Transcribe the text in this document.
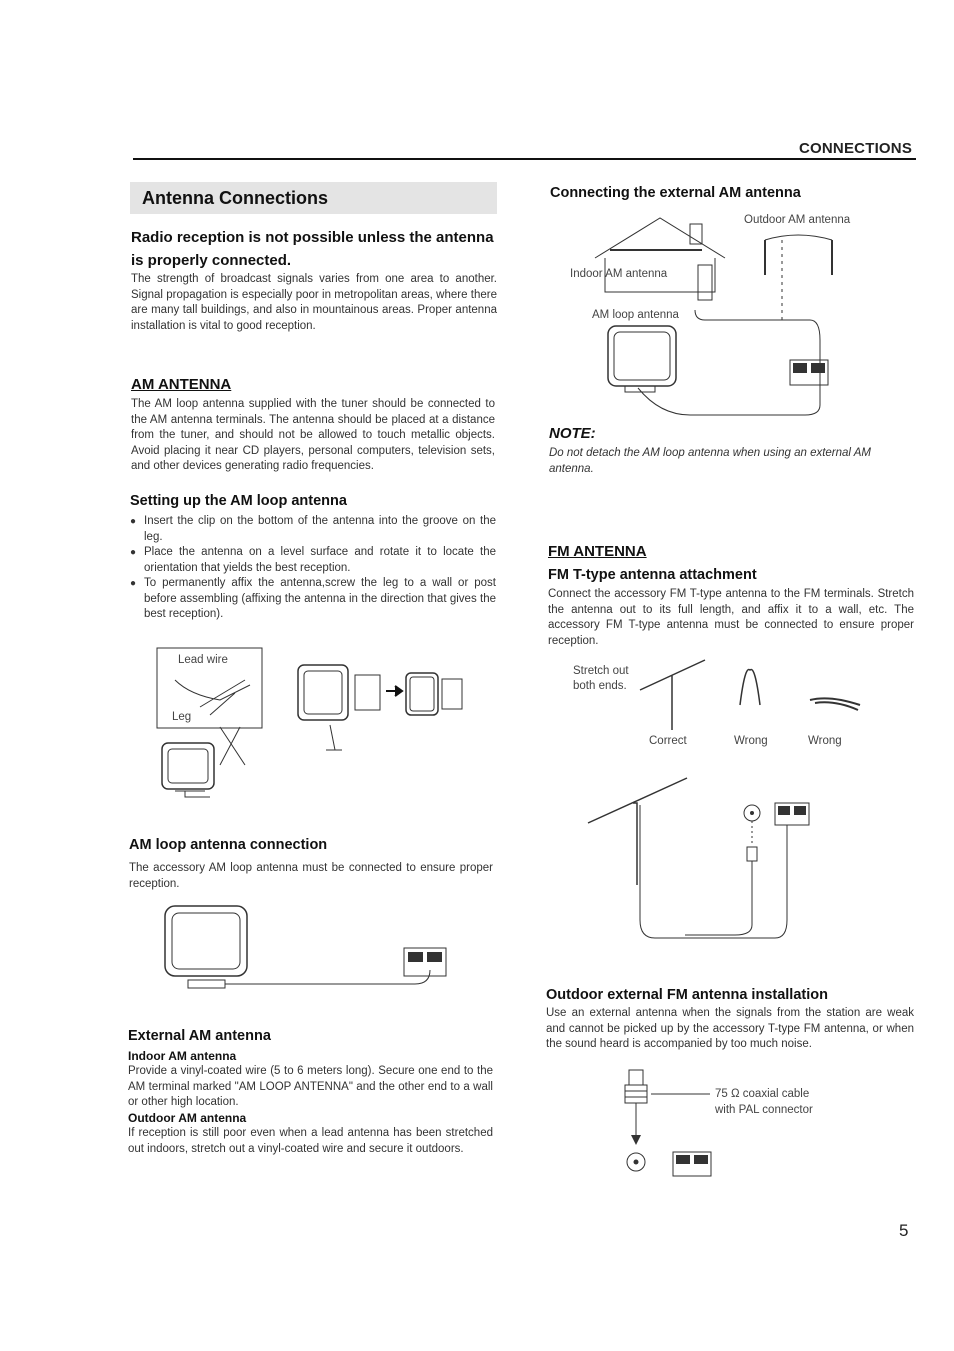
CONNECTIONS
Antenna Connections
Radio reception is not possible unless the antenna is properly connected.
The strength of broadcast signals varies from one area to another. Signal propagation is especially poor in metropolitan areas, where there are many tall buildings, and also in mountainous areas. Proper antenna installation is vital to good reception.
AM ANTENNA
The AM loop antenna supplied with the tuner should be connected to the AM antenna terminals. The antenna should be placed at a distance from the tuner, and should not be allowed to touch metallic objects. Avoid placing it near CD players, personal computers, television sets, and other devices generating radio frequencies.
Setting up the AM loop antenna
● Insert the clip on the bottom of the antenna into the groove on the leg.
● Place the antenna on a level surface and rotate it to locate the orientation that yields the best reception.
● To permanently affix the antenna,screw the leg to a wall or post before assembling (affixing the antenna in the direction that gives the best reception).
Lead wire
Leg
AM loop antenna connection
The accessory AM loop antenna must be connected to ensure proper reception.
External AM antenna
Indoor AM antenna
Provide a vinyl-coated wire (5 to 6 meters long). Secure one end to the AM terminal marked "AM LOOP ANTENNA" and the other end to a wall or other high location.
Outdoor AM antenna
If reception is still poor even when a lead antenna has been stretched out indoors, stretch out a vinyl-coated wire and secure it outdoors.
Connecting the external AM antenna
Outdoor AM antenna
Indoor AM antenna
AM loop antenna
NOTE:
Do not detach the AM loop antenna when using an external AM antenna.
FM ANTENNA
FM T-type antenna attachment
Connect the accessory FM T-type antenna to the FM terminals. Stretch the antenna out to its full length, and affix it to a wall, etc. The accessory FM T-type antenna must be connected to ensure proper reception.
Stretch out both ends.
Correct	Wrong	Wrong
Outdoor external FM antenna installation
Use an external antenna when the signals from the station are weak and cannot be picked up by the accessory T-type FM antenna, or when the sound heard is accompanied by too much noise.
75 Ω coaxial cable
with PAL connector
5
